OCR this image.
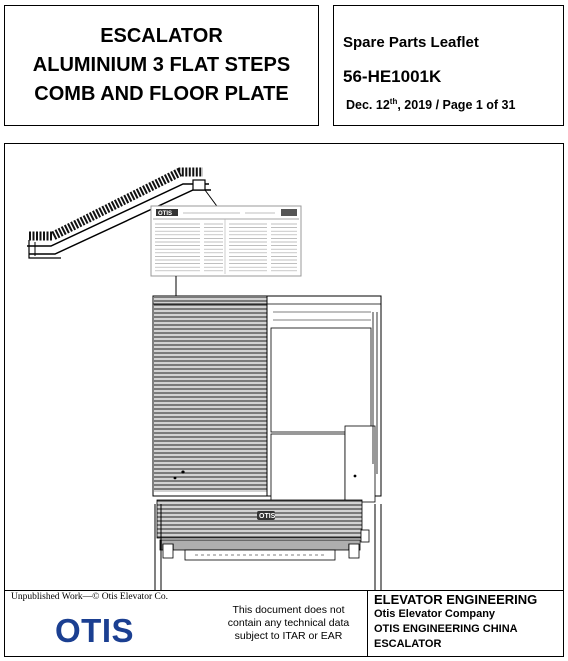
ESCALATOR
ALUMINIUM 3 FLAT STEPS
COMB AND FLOOR PLATE
Spare Parts Leaflet
56-HE1001K
Dec. 12th, 2019 / Page 1 of 31
OTIS
OTIS
Unpublished Work—© Otis Elevator Co.
OTIS
This document does not
contain any technical data
subject to ITAR or EAR
ELEVATOR ENGINEERING
Otis Elevator Company
OTIS ENGINEERING CHINA
ESCALATOR
